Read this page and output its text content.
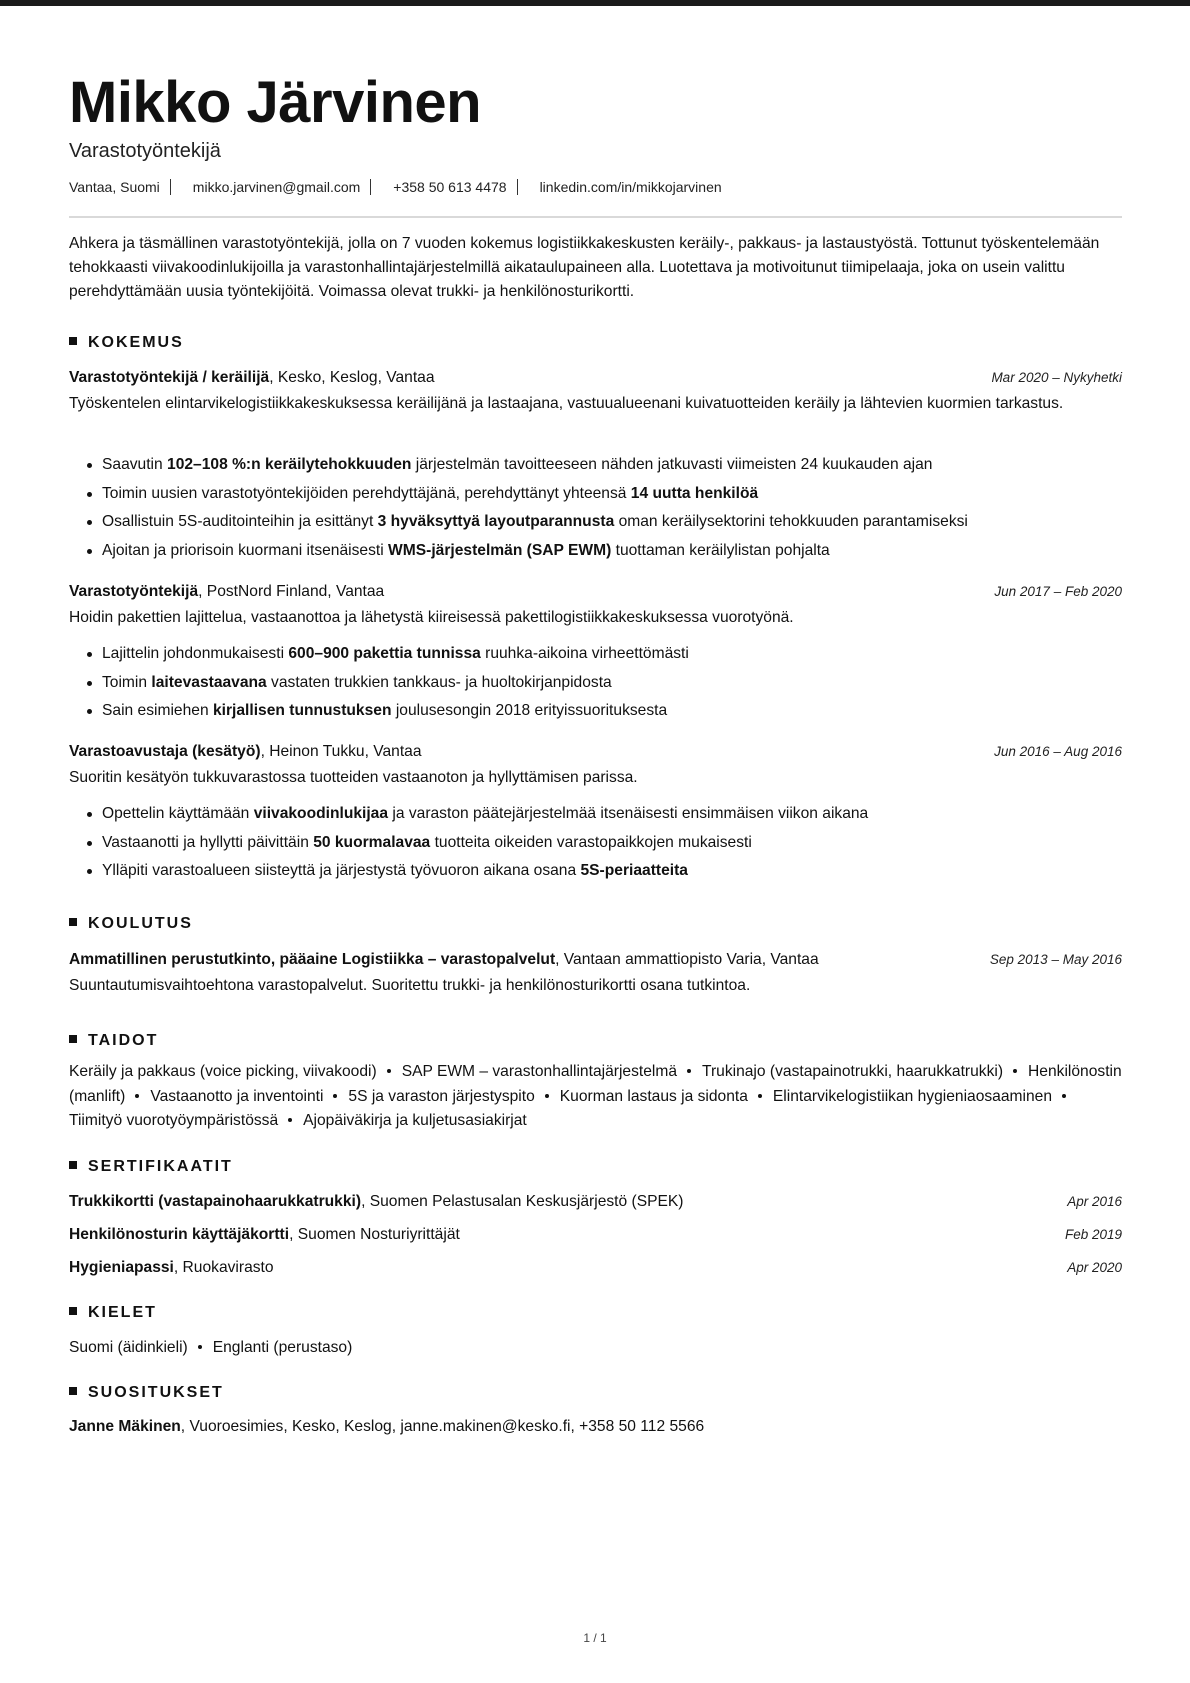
Mikko Järvinen
Varastotyöntekijä
Vantaa, Suomi mikko.jarvinen@gmail.com +358 50 613 4478 linkedin.com/in/mikkojarvinen
Ahkera ja täsmällinen varastotyöntekijä, jolla on 7 vuoden kokemus logistiikkakeskusten keräily-, pakkaus- ja lastaustyöstä. Tottunut työskentelemään tehokkaasti viivakoodinlukijoilla ja varastonhallintajärjestelmillä aikataulupaineen alla. Luotettava ja motivoitunut tiimipelaaja, joka on usein valittu perehdyttämään uusia työntekijöitä. Voimassa olevat trukki- ja henkilönosturikortti.
KOKEMUS
Varastotyöntekijä / keräilijä, Kesko, Keslog, Vantaa	Mar 2020 – Nykyhetki
Työskentelen elintarvikelogistiikkakeskuksessa keräilijänä ja lastaajana, vastuualueenani kuivatuotteiden keräily ja lähtevien kuormien tarkastus.
Saavutin 102–108 %:n keräilytehokkuuden järjestelmän tavoitteeseen nähden jatkuvasti viimeisten 24 kuukauden ajan
Toimin uusien varastotyöntekijöiden perehdyttäjänä, perehdyttänyt yhteensä 14 uutta henkilöä
Osallistuin 5S-auditointeihin ja esittänyt 3 hyväksyttyä layoutparannusta oman keräilysektorini tehokkuuden parantamiseksi
Ajoitan ja priorisoin kuormani itsenäisesti WMS-järjestelmän (SAP EWM) tuottaman keräilylistan pohjalta
Varastotyöntekijä, PostNord Finland, Vantaa	Jun 2017 – Feb 2020
Hoidin pakettien lajittelua, vastaanottoa ja lähetystä kiireisessä pakettilogistiikkakeskuksessa vuorotyönä.
Lajittelin johdonmukaisesti 600–900 pakettia tunnissa ruuhka-aikoina virheettömästi
Toimin laitevastaavana vastaten trukkien tankkaus- ja huoltokirjanpidosta
Sain esimiehen kirjallisen tunnustuksen joulusesongin 2018 erityissuorituksesta
Varastoavustaja (kesätyö), Heinon Tukku, Vantaa	Jun 2016 – Aug 2016
Suoritin kesätyön tukkuvarastossa tuotteiden vastaanoton ja hyllyttämisen parissa.
Opettelin käyttämään viivakoodinlukijaa ja varaston päätejärjestelmää itsenäisesti ensimmäisen viikon aikana
Vastaanotti ja hyllytti päivittäin 50 kuormalavaa tuotteita oikeiden varastopaikkojen mukaisesti
Ylläpiti varastoalueen siisteyttä ja järjestystä työvuoron aikana osana 5S-periaatteita
KOULUTUS
Ammatillinen perustutkinto, pääaine Logistiikka – varastopalvelut, Vantaan ammattiopisto Varia, Vantaa	Sep 2013 – May 2016
Suuntautumisvaihtoehtona varastopalvelut. Suoritettu trukki- ja henkilönosturikortti osana tutkintoa.
TAIDOT
Keräily ja pakkaus (voice picking, viivakoodi) SAP EWM – varastonhallintajärjestelmä Trukinajo (vastapainotrukki, haarukkatrukki) Henkilönostin (manlift) Vastaanotto ja inventointi 5S ja varaston järjestyspito Kuorman lastaus ja sidonta Elintarvikelogistiikan hygieniaosaaminenTiimityö vuorotyöympäristössä Ajopäiväkirja ja kuljetusasiakirjat
SERTIFIKAATIT
Trukkikortti (vastapainohaarukkatrukki), Suomen Pelastusalan Keskusjärjestö (SPEK)	Apr 2016
Henkilönosturin käyttäjäkortti, Suomen Nosturiyrittäjät	Feb 2019
Hygieniapassi, Ruokavirasto	Apr 2020
KIELET
Suomi (äidinkieli) Englanti (perustaso)
SUOSITUKSET
Janne Mäkinen, Vuoroesimies, Kesko, Keslog, janne.makinen@kesko.fi, +358 50 112 5566
1 / 1
